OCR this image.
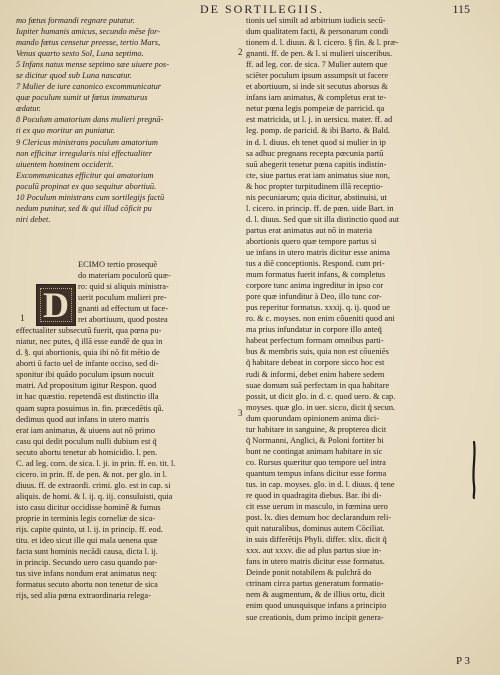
DE SORTILEGIIS.	115
mo fœtus formandi regnare putatur.
Iupiter humanis amicus, secundo mēse for-
mando fœtus censetur preesse, tertio Mars,
Venus quarto sexto Sol, Luna septimo.
5 Infans natus mense septimo sæe uiuere pos-
se dicitur quod sub Luna nascatur.
7 Mulier de iure canonico excommunicatur
quæ poculum sumit ut fœtus immaturus
ædatur.
8 Poculum amatorium dans mulieri pregnā-
ti ex quo moritur an puniatur.
9 Clericus ministrans poculum amatorium
non efficitur irregularis nisi effectualiter
uiuentem hominem occiderit.
Excommunicatus efficitur qui amatorium
poculū propinat ex quo sequitur abortiuū.
10 Poculum ministrans cum sortilegijs factū
nedum punitur, sed & qui illud cōficit pu
niri debet.
ECIMO tertio prosequē
do materiam poculorū quæ-
ro: quid si aliquis ministra-
uerit poculum mulieri pre-
gnanti ad effectum ut face-
ret abortiuum, quod postea
effectualiter subsecutū fuerit, qua pœna pu-
niatur, nec putes, q̃ illā esse eandē de qua in
d. §. qui abortionis, quia ibi nō fit mētio de
aborti ū facto uel de infante occiso, sed di-
sponitur ibi quādo poculum ipsum nocuit
matri. Ad propositum igitur Respon. quod
in hac quæstio. repetendā est distinctio illa
quam supra posuimus in. fin. præcedētis qū.
dedimus quod aut infans in utero matris
erat iam animatus, & uiuens aut nō primo
casu qui dedit poculum nulli dubium est q̃
secuto abortu tenetur ab homicidio. l. pen.
C. ad leg. corn. de sica. l. ji. in prin. ff. eo. tit. l.
cicero. in prin. ff. de pen. & not. per glo. in l.
diuus. ff. de extraordi. crimi. glo. est in cap. si
aliquis. de homi. & l. ij. q. iij. consuluisti, quia
isto casu dicitur occidisse hominē & fumus
proprie in terminis legis corneliæ de sica-
rijs. capite quinto, ut l. ij. in princip. ff. eod.
titu. et ideo sicut ille qui mala uenena quæ
facta sunt hominis necādi causa, dicta l. ij.
in princip. Secundo uero casu quando par-
tus sive infans nondum erat animatus neq:
formatus secuto abortu non tenetur de sica
rijs, sed alia pœna extraordinaria relega-
D
1
tionis uel similt ad arbitrium iudicis secū-
dum qualitatem facti, & personarum condi
tionem d. l. diuus. & l. cicero. § fin. & l. præ-
gnanti. ff. de pen. & l. si mulieri uisceribus.
ff. ad leg. cor. de sica. 7 Mulier autem que
sciēter poculum ipsum assumpsit ut facere
et abortiuum, si inde sit secutus aborsus &
infans iam animatus, & completus erat te-
netur pœna legis pompeiæ de parricid. qa
est matricida, ut l. j. in uersicu. mater. ff. ad
leg. pomp. de paricid. & ibi Barto. & Bald.
in d. l. diuus. eh tenet quod si mulier in ip
sa adhuc pregnans recepta pœcunia partū
suū abegerit tenetur pœna capitis indistin-
cte, siue partus erat iam animatus siue non,
& hoc propter turpitudinem illā receptio-
nis pecuniarum; quia dicitur, abstinuisi, ut
l. cicero. in princip. ff. de pœn. uide Bart. in
d. l. diuus. Sed quæ sit illa distinctio quod aut
partus erat animatus aut nō in materia
abortionis quero quæ tempore partus si
ue infans in utero matris dicitur esse anima
tus a diē conceptionis. Respond. cum pri-
mum formatus fuerit infans, & completus
corpore tunc anima ingreditur in ipso cor
pore quæ infunditur à Deo, illo tunc cor-
pus reperitur formatus. xxxij. q. ij. quod ue
ro. & c. moyses. non enim cōueniti quod ani
ma prius infundatur in corpore illo anteq̃
habeat perfectum formam omnibus parti-
bus & membris suis, quia non est cōueniēs
q̃ habitare debeat in corpore sicco hoc est
rudi & informi, debet enim habere sedem
suae domum suā perfectam in qua habitare
possit, ut dicit glo. in d. c. quod uero. & cap.
moyses. quæ glo. in uer. sicco, dicit q̃ secun.
dum quorundam opinionem anima dici-
tur habitare in sanguine, & propterea dicit
q̃ Normanni, Anglici, & Poloni fortiter bi
bunt ne contingat animam habitare in sic
co. Rursus quæritur quo tempore uel intra
quantum tempus infans dicitur esse forma
tus. in cap. moyses. glo. in d. l. diuus. q̃ tene
re quod in quadragita diebus. Bar. ibi di-
cit esse uerum in masculo, in fœmina uero
post. lx. dies demum hoc declarandum reli-
quit naturalibus, dominus autem Cōciliat.
in suis differētijs Phyli. differ. xlix. dicit q̃
xxx. aut xxxv. die ad plus partus siue in-
fans in utero matris dicitur esse formatus.
Deinde ponit notabilem & pulchrā do
ctrinam circa partus generatum formatio-
nem & augmentum, & de illius ortu, dicit
enim quod unusquisque infans a principio
sue creationis, dum primo incipit genera-
2
3
P 3
